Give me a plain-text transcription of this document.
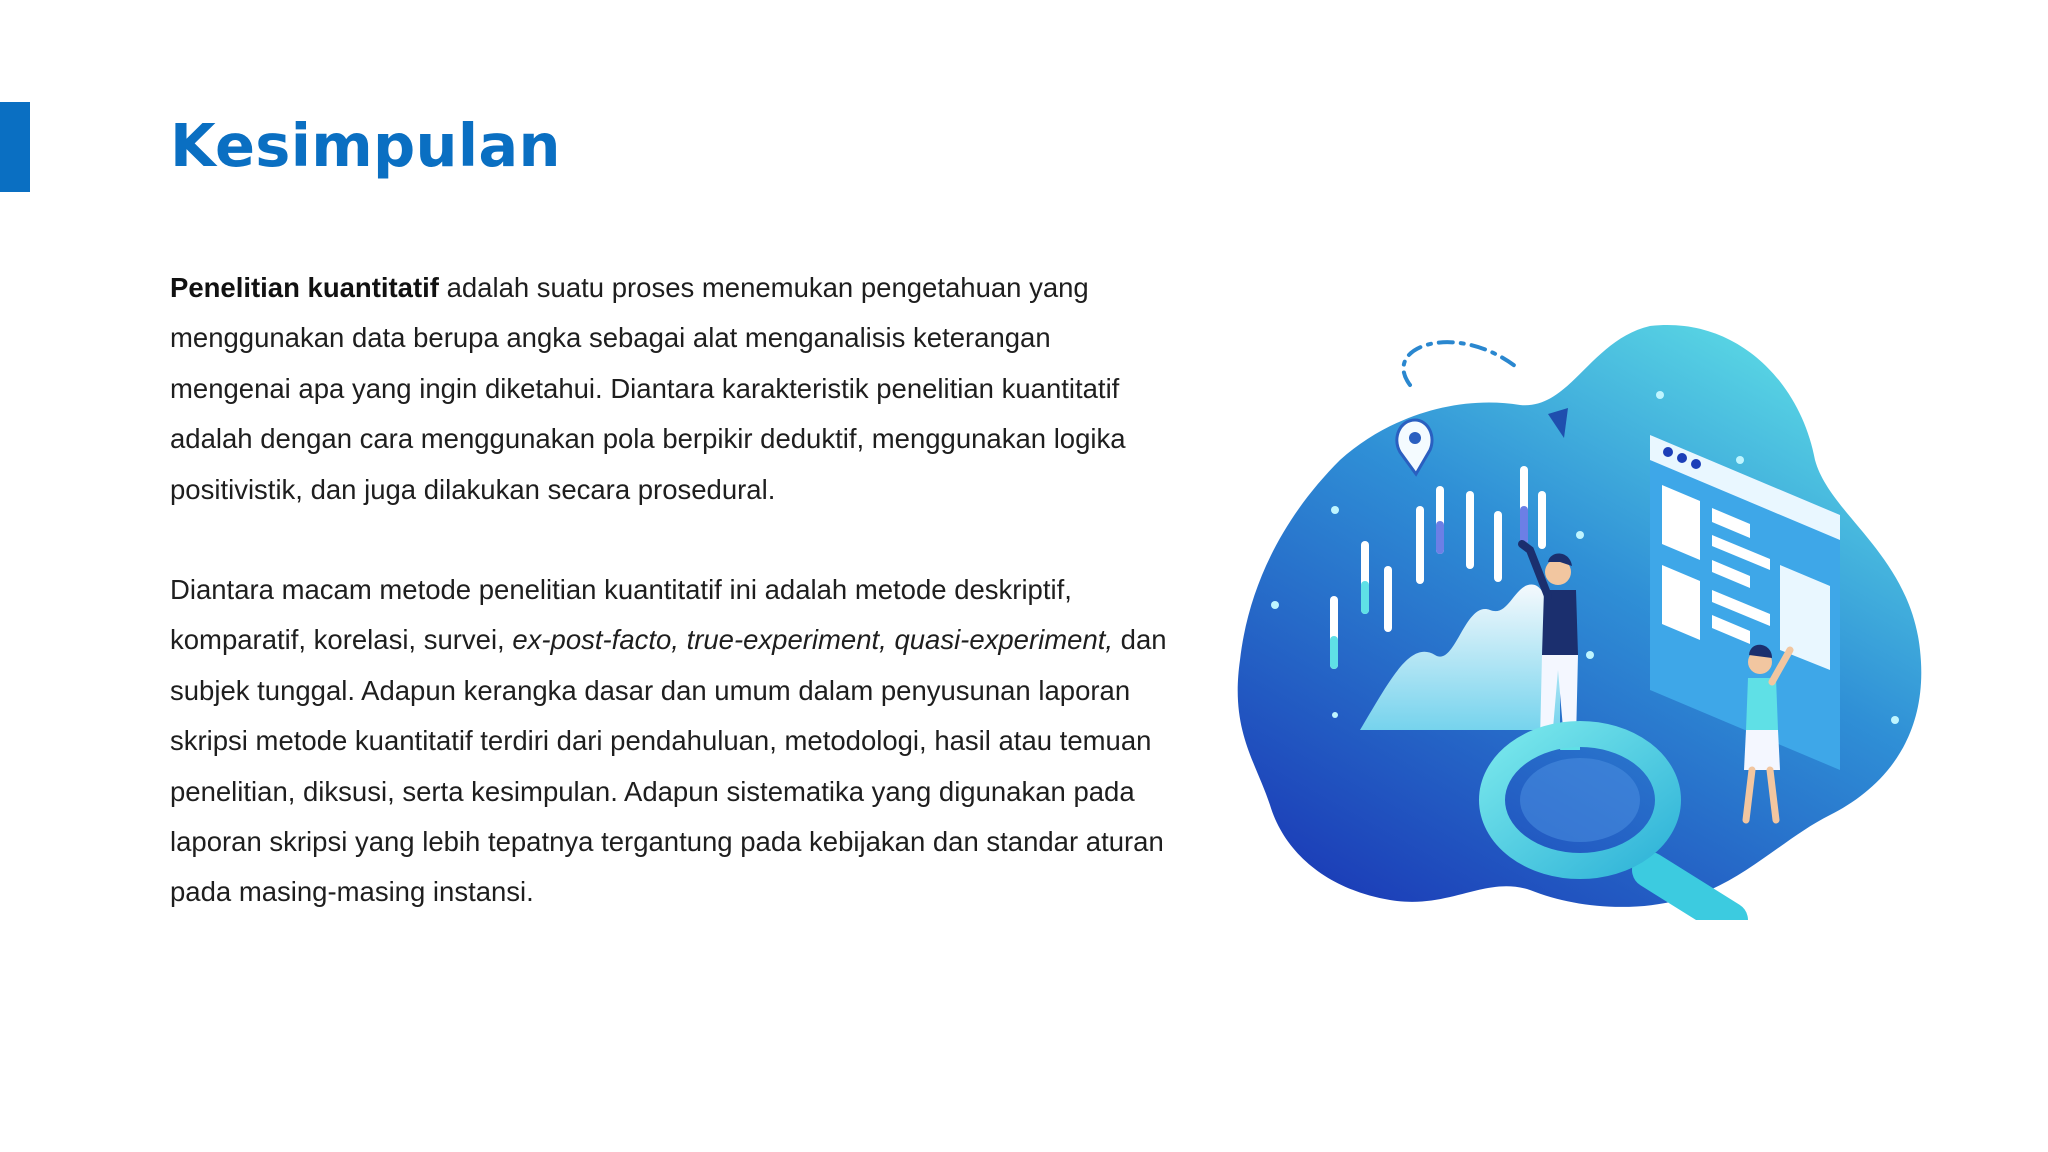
Kesimpulan

Penelitian kuantitatif adalah suatu proses menemukan pengetahuan yang menggunakan data berupa angka sebagai alat menganalisis keterangan mengenai apa yang ingin diketahui. Diantara karakteristik penelitian kuantitatif adalah dengan cara menggunakan pola berpikir deduktif, menggunakan logika positivistik, dan juga dilakukan secara prosedural.

Diantara macam metode penelitian kuantitatif ini adalah metode deskriptif, komparatif, korelasi, survei, ex-post-facto, true-experiment, quasi-experiment, dan subjek tunggal. Adapun kerangka dasar dan umum dalam penyusunan laporan skripsi metode kuantitatif terdiri dari pendahuluan, metodologi, hasil atau temuan penelitian, diksusi, serta kesimpulan. Adapun sistematika yang digunakan pada laporan skripsi yang lebih tepatnya tergantung pada kebijakan dan standar aturan pada masing-masing instansi.
